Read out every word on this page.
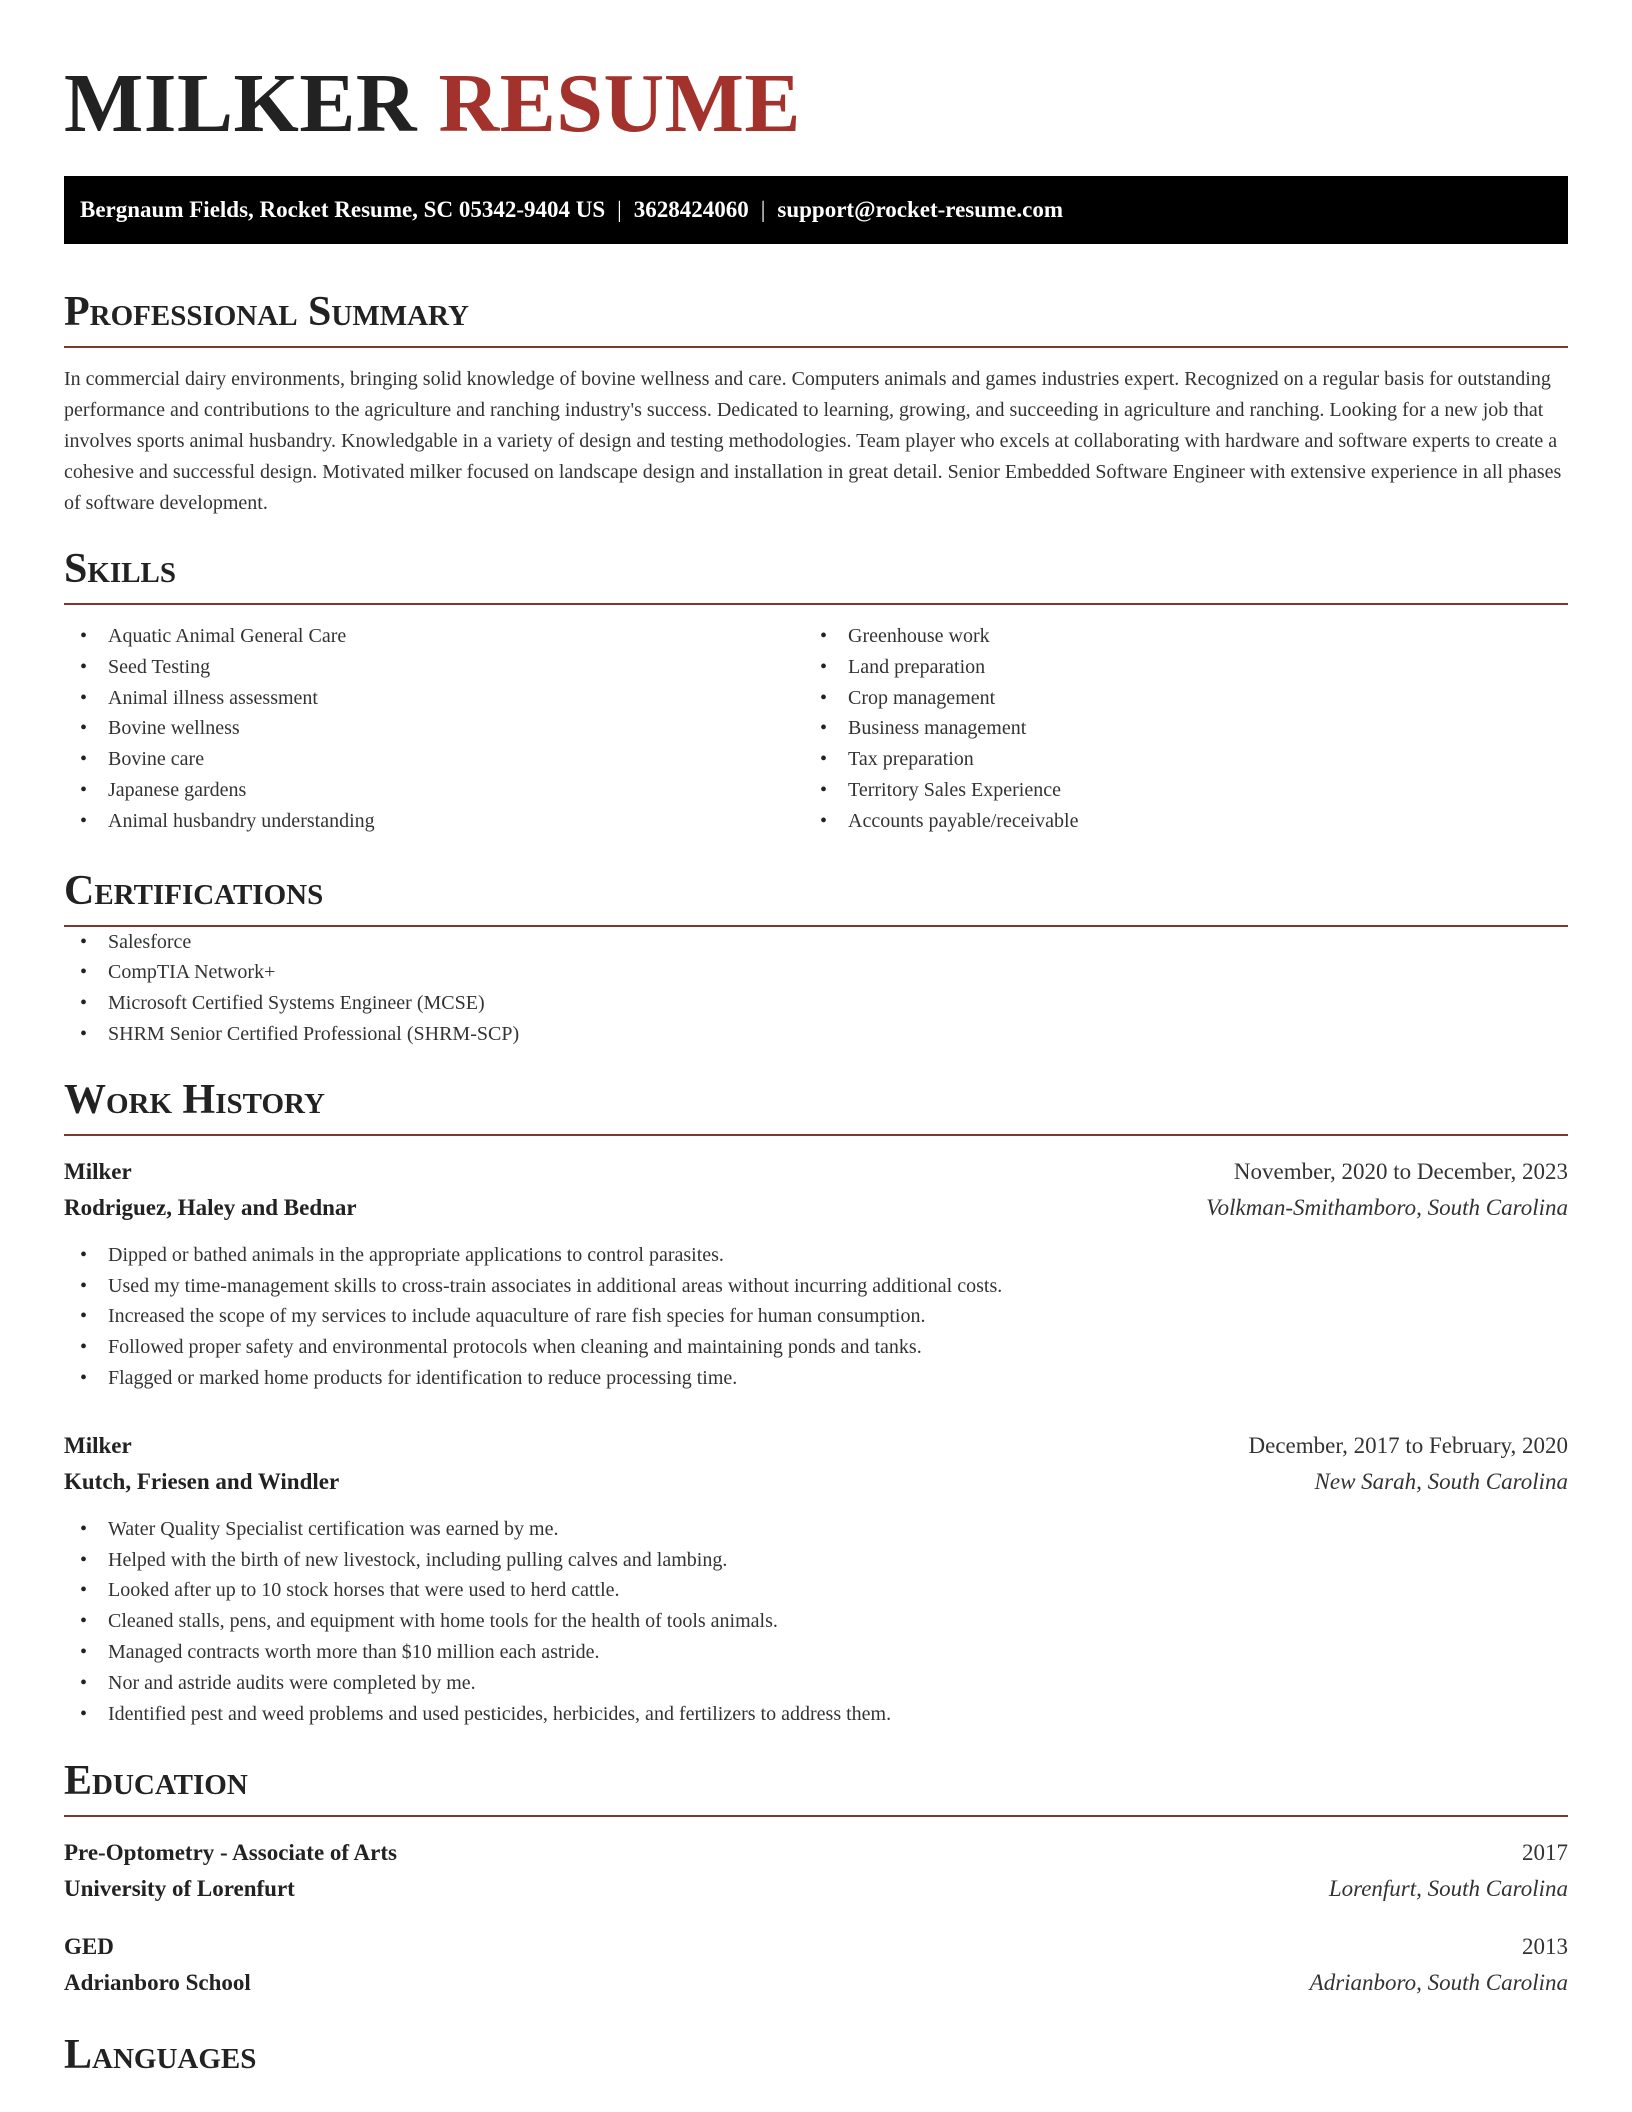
MILKER RESUME
Bergnaum Fields, Rocket Resume, SC 05342-9404 US | 3628424060 | support@rocket-resume.com
Professional Summary

In commercial dairy environments, bringing solid knowledge of bovine wellness and care. Computers animals and games industries expert. Recognized on a regular basis for outstanding performance and contributions to the agriculture and ranching industry's success. Dedicated to learning, growing, and succeeding in agriculture and ranching. Looking for a new job that involves sports animal husbandry. Knowledgable in a variety of design and testing methodologies. Team player who excels at collaborating with hardware and software experts to create a cohesive and successful design. Motivated milker focused on landscape design and installation in great detail. Senior Embedded Software Engineer with extensive experience in all phases of software development.

Skills
• Aquatic Animal General Care
• Seed Testing
• Animal illness assessment
• Bovine wellness
• Bovine care
• Japanese gardens
• Animal husbandry understanding
• Greenhouse work
• Land preparation
• Crop management
• Business management
• Tax preparation
• Territory Sales Experience
• Accounts payable/receivable
Certifications
• Salesforce
• CompTIA Network+
• Microsoft Certified Systems Engineer (MCSE)
• SHRM Senior Certified Professional (SHRM-SCP)
Work History
Milker	November, 2020 to December, 2023
Rodriguez, Haley and Bednar	Volkman-Smithamboro, South Carolina
• Dipped or bathed animals in the appropriate applications to control parasites.
• Used my time-management skills to cross-train associates in additional areas without incurring additional costs.
• Increased the scope of my services to include aquaculture of rare fish species for human consumption.
• Followed proper safety and environmental protocols when cleaning and maintaining ponds and tanks.
• Flagged or marked home products for identification to reduce processing time.
Milker	December, 2017 to February, 2020
Kutch, Friesen and Windler	New Sarah, South Carolina
• Water Quality Specialist certification was earned by me.
• Helped with the birth of new livestock, including pulling calves and lambing.
• Looked after up to 10 stock horses that were used to herd cattle.
• Cleaned stalls, pens, and equipment with home tools for the health of tools animals.
• Managed contracts worth more than $10 million each astride.
• Nor and astride audits were completed by me.
• Identified pest and weed problems and used pesticides, herbicides, and fertilizers to address them.
Education
Pre-Optometry - Associate of Arts	2017
University of Lorenfurt	Lorenfurt, South Carolina
GED	2013
Adrianboro School	Adrianboro, South Carolina
Languages
